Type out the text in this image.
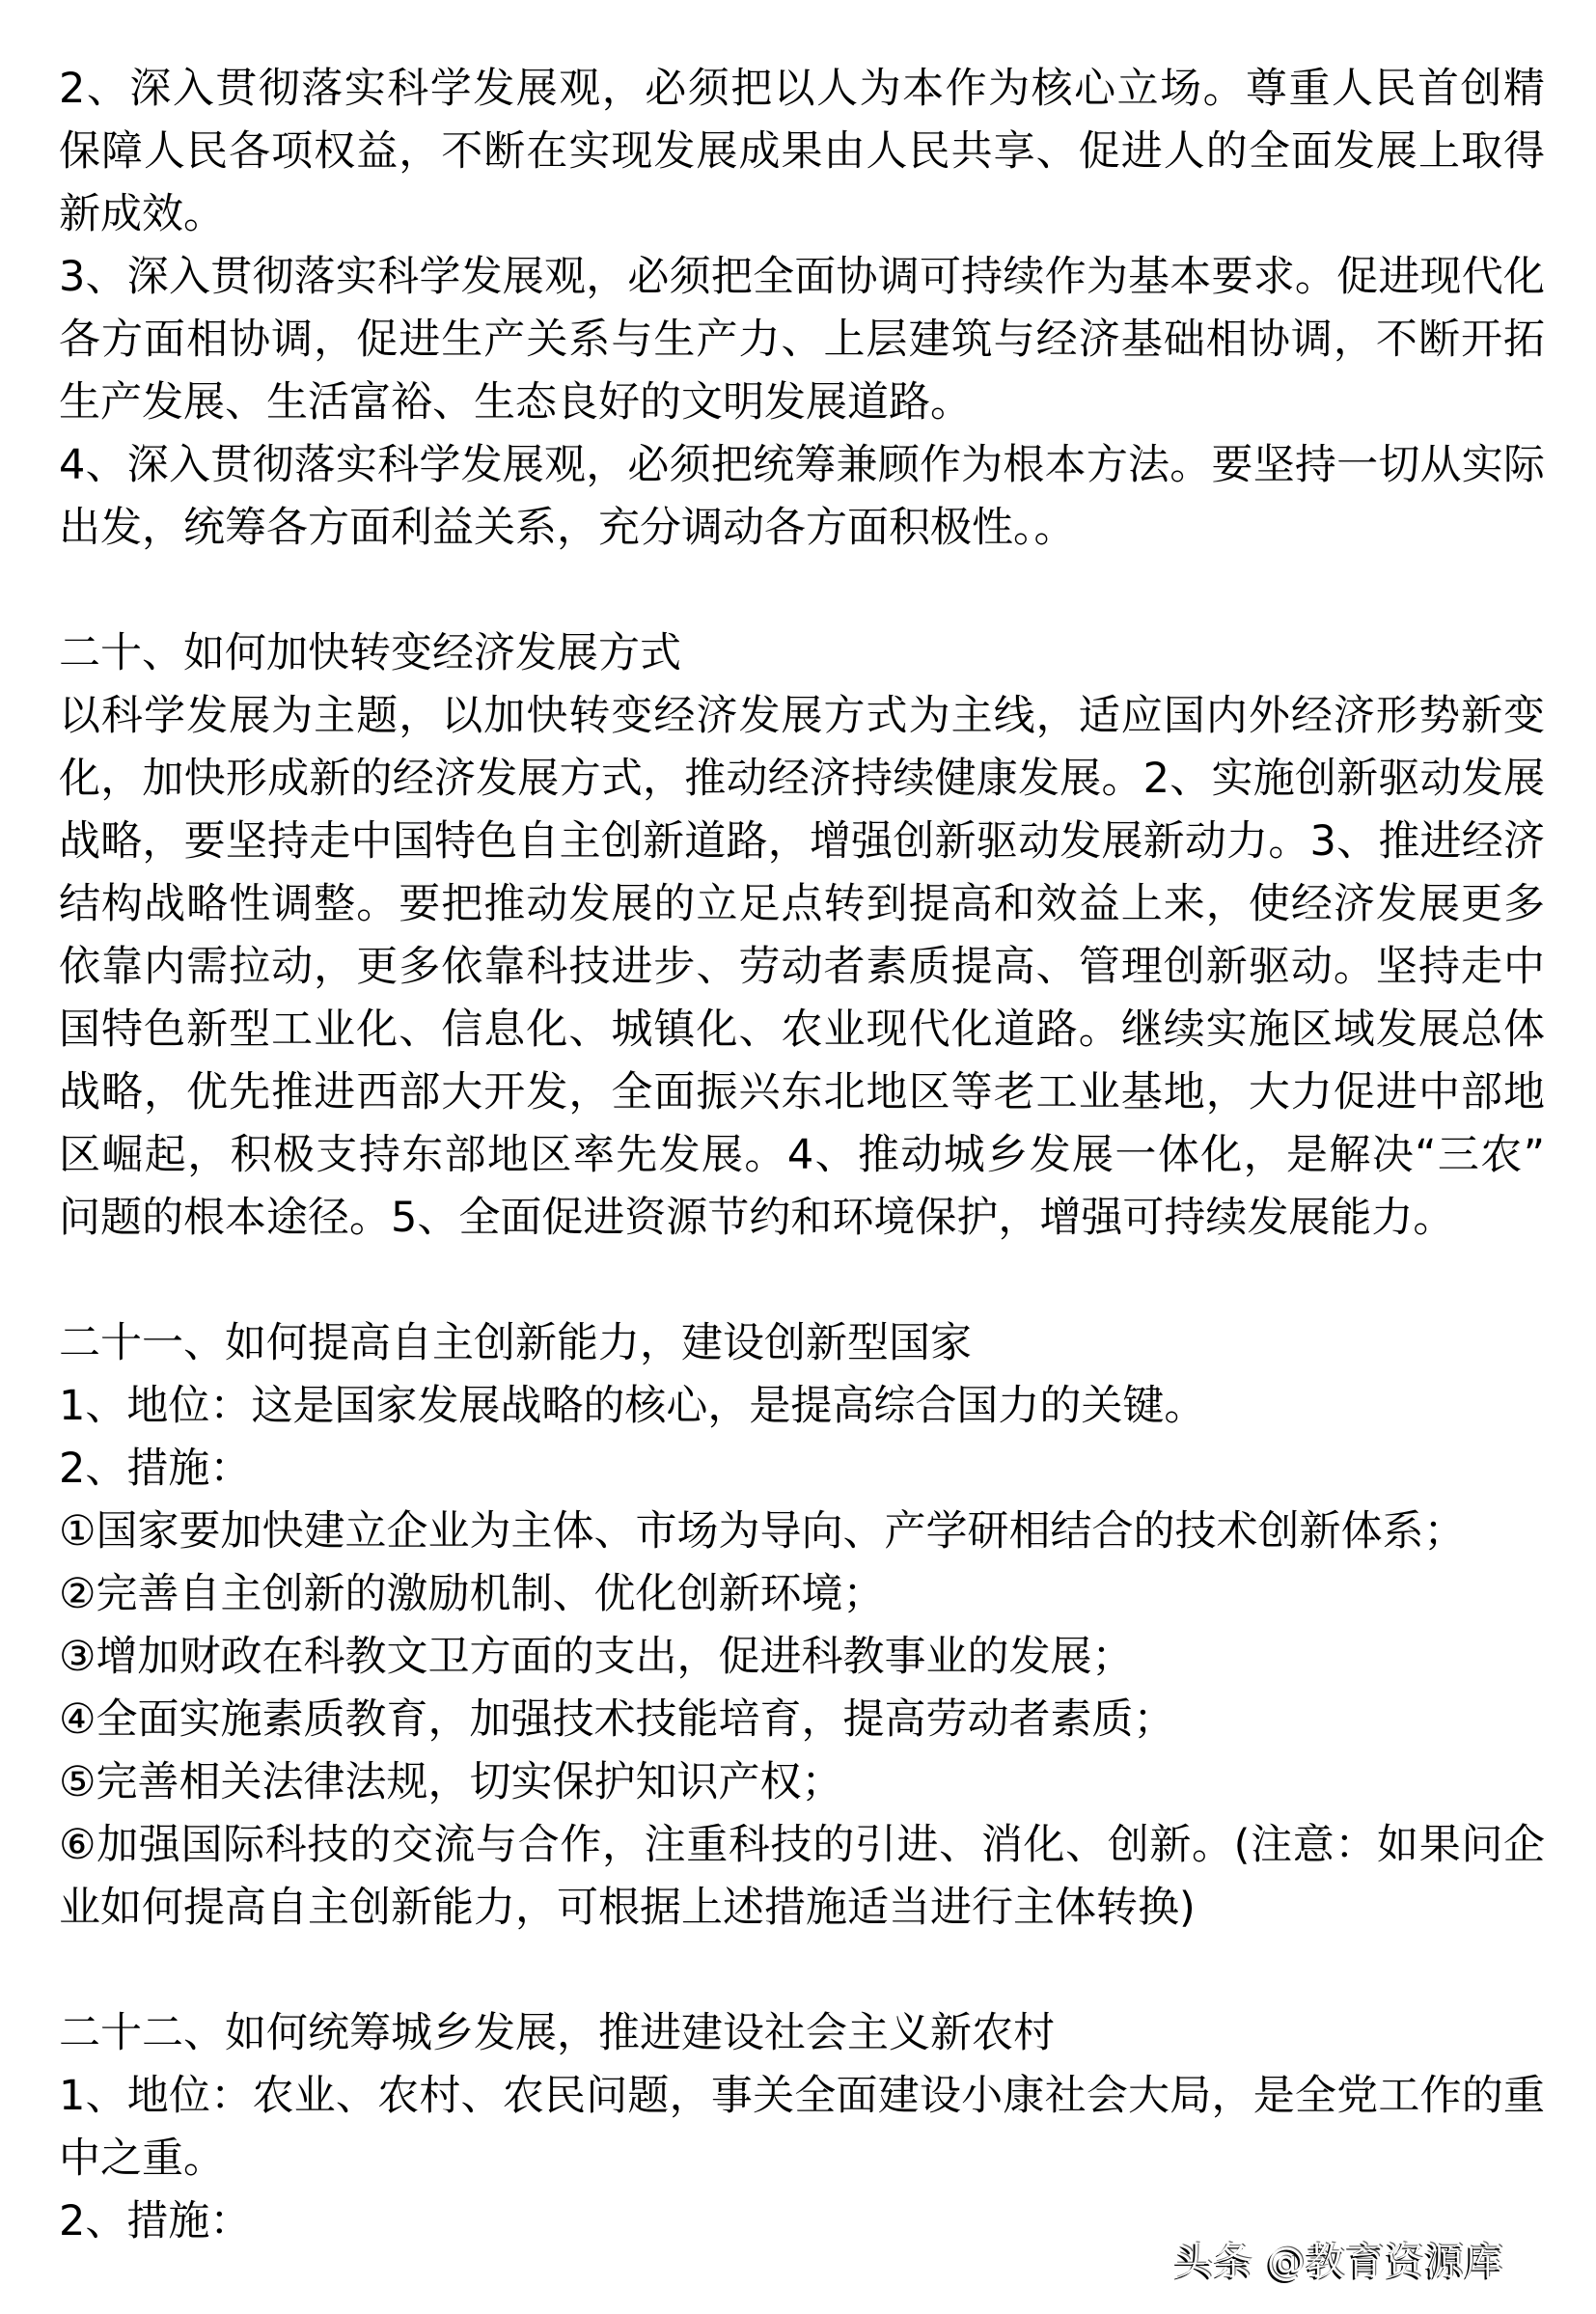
2、深入贯彻落实科学发展观，必须把以人为本作为核心立场。尊重人民首创精
保障人民各项权益，不断在实现发展成果由人民共享、促进人的全面发展上取得
新成效。
3、深入贯彻落实科学发展观，必须把全面协调可持续作为基本要求。促进现代化
各方面相协调，促进生产关系与生产力、上层建筑与经济基础相协调，不断开拓
生产发展、生活富裕、生态良好的文明发展道路。
4、深入贯彻落实科学发展观，必须把统筹兼顾作为根本方法。要坚持一切从实际
出发，统筹各方面利益关系，充分调动各方面积极性。。
二十、如何加快转变经济发展方式
以科学发展为主题，以加快转变经济发展方式为主线，适应国内外经济形势新变
化，加快形成新的经济发展方式，推动经济持续健康发展。2、实施创新驱动发展
战略，要坚持走中国特色自主创新道路，增强创新驱动发展新动力。3、推进经济
结构战略性调整。要把推动发展的立足点转到提高和效益上来，使经济发展更多
依靠内需拉动，更多依靠科技进步、劳动者素质提高、管理创新驱动。坚持走中
国特色新型工业化、信息化、城镇化、农业现代化道路。继续实施区域发展总体
战略，优先推进西部大开发，全面振兴东北地区等老工业基地，大力促进中部地
区崛起，积极支持东部地区率先发展。4、推动城乡发展一体化，是解决“三农”
问题的根本途径。5、全面促进资源节约和环境保护，增强可持续发展能力。
二十一、如何提高自主创新能力，建设创新型国家
1、地位：这是国家发展战略的核心，是提高综合国力的关键。
2、措施：
①国家要加快建立企业为主体、市场为导向、产学研相结合的技术创新体系；
②完善自主创新的激励机制、优化创新环境；
③增加财政在科教文卫方面的支出，促进科教事业的发展；
④全面实施素质教育，加强技术技能培育，提高劳动者素质；
⑤完善相关法律法规，切实保护知识产权；
⑥加强国际科技的交流与合作，注重科技的引进、消化、创新。(注意：如果问企
业如何提高自主创新能力，可根据上述措施适当进行主体转换)
二十二、如何统筹城乡发展，推进建设社会主义新农村
1、地位：农业、农村、农民问题，事关全面建设小康社会大局，是全党工作的重
中之重。
2、措施：
头条 @教育资源库
